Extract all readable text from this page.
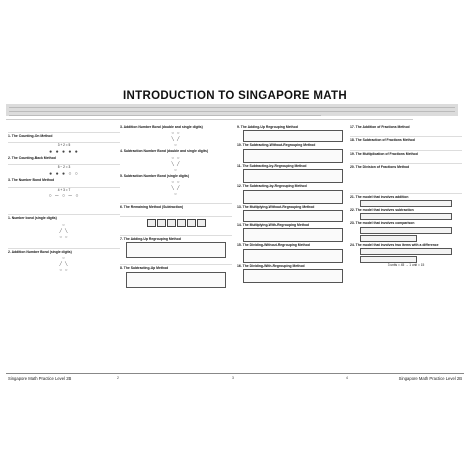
INTRODUCTION TO SINGAPORE MATH
1. The Counting-On Method
3 + 2 = 5
● ● ● ● ●
2. The Counting-Back Method
5 − 2 = 3
● ● ● ○ ○
3. The Number Bond Method
4 + 3 = 7
○ ─ ○ ─ ○
1. Number bond (single digits)
○
╱ ╲
○ ○
2. Addition Number Bond (single digits)
○
╱ ╲
○ ○
3. Addition Number Bond (double and single digits)
○ ○
╲ ╱
○
4. Subtraction Number Bond (double and single digits)
○ ○
╲ ╱
○
5. Subtraction Number Bond (single digits)
○ ○
╲ ╱
○
6. The Remaining Method (Subtraction)
7. The Adding-Up Regrouping Method
8. The Subtracting-Up Method
9. The Adding-Up Regrouping Method
10. The Subtracting-Without-Regrouping Method
11. The Subtracting-by-Regrouping Method
12. The Subtracting-by-Regrouping Method
13. The Multiplying-Without-Regrouping Method
14. The Multiplying-With-Regrouping Method
15. The Dividing-Without-Regrouping Method
16. The Dividing-With-Regrouping Method
17. The Addition of Fractions Method
18. The Subtraction of Fractions Method
19. The Multiplication of Fractions Method
20. The Division of Fractions Method
21. The model that involves addition
22. The model that involves subtraction
23. The model that involves comparison
24. The model that involves two items with a difference
3 units = 45 → 1 unit = 15
Singapore Math Practice Level 2B	2	3	4	Singapore Math Practice Level 2B
